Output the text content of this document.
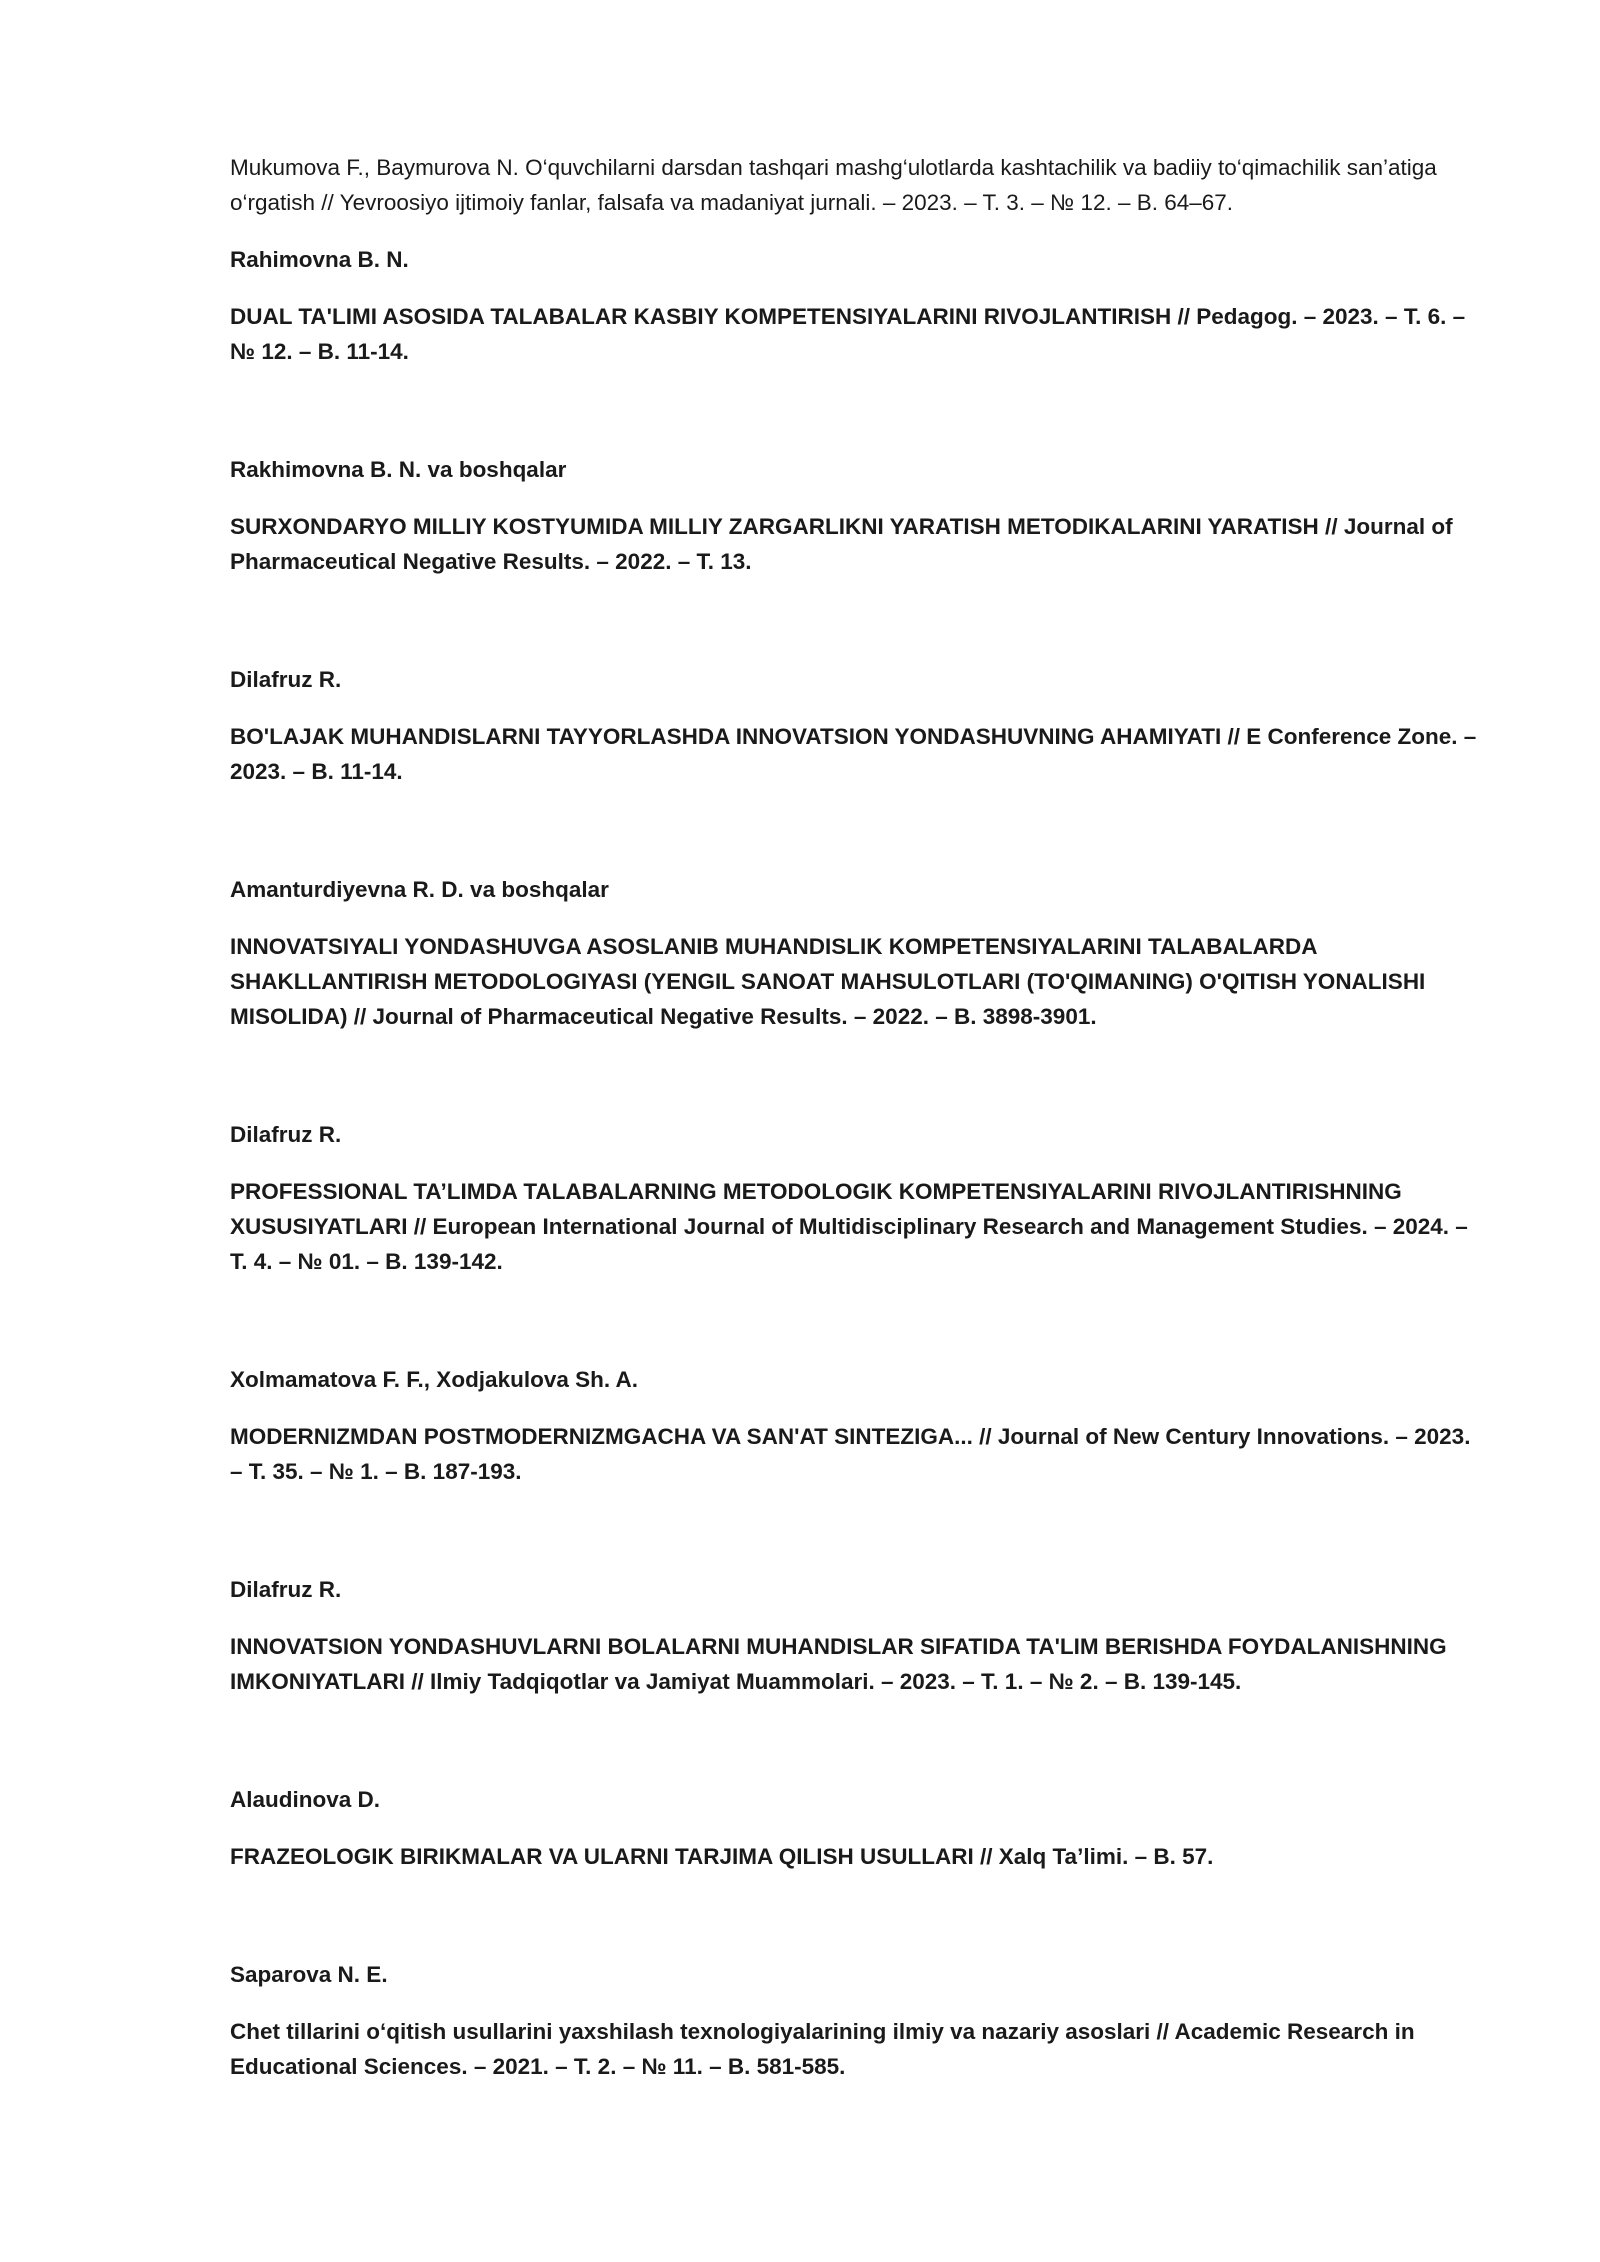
Mukumova F., Baymurova N. O‘quvchilarni darsdan tashqari mashg‘ulotlarda kashtachilik va badiiy to‘qimachilik san’atiga o‘rgatish // Yevroosiyo ijtimoiy fanlar, falsafa va madaniyat jurnali. – 2023. – T. 3. – № 12. – B. 64–67.

Rahimovna B. N.

DUAL TA'LIMI ASOSIDA TALABALAR KASBIY KOMPETENSIYALARINI RIVOJLANTIRISH // Pedagog. – 2023. – T. 6. – № 12. – B. 11-14.

Rakhimovna B. N. va boshqalar

SURXONDARYO MILLIY KOSTYUMIDA MILLIY ZARGARLIKNI YARATISH METODIKALARINI YARATISH // Journal of Pharmaceutical Negative Results. – 2022. – T. 13.

Dilafruz R.

BO'LAJAK MUHANDISLARNI TAYYORLASHDA INNOVATSION YONDASHUVNING AHAMIYATI // E Conference Zone. – 2023. – B. 11-14.

Amanturdiyevna R. D. va boshqalar

INNOVATSIYALI YONDASHUVGA ASOSLANIB MUHANDISLIK KOMPETENSIYALARINI TALABALARDA SHAKLLANTIRISH METODOLOGIYASI (YENGIL SANOAT MAHSULOTLARI (TO'QIMANING) O'QITISH YONALISHI MISOLIDA) // Journal of Pharmaceutical Negative Results. – 2022. – B. 3898-3901.

Dilafruz R.

PROFESSIONAL TA’LIMDA TALABALARNING METODOLOGIK KOMPETENSIYALARINI RIVOJLANTIRISHNING XUSUSIYATLARI // European International Journal of Multidisciplinary Research and Management Studies. – 2024. – T. 4. – № 01. – B. 139-142.

Xolmamatova F. F., Xodjakulova Sh. A.

MODERNIZMDAN POSTMODERNIZMGACHA VA SAN'AT SINTEZIGA... // Journal of New Century Innovations. – 2023. – T. 35. – № 1. – B. 187-193.

Dilafruz R.

INNOVATSION YONDASHUVLARNI BOLALARNI MUHANDISLAR SIFATIDA TA'LIM BERISHDA FOYDALANISHNING IMKONIYATLARI // Ilmiy Tadqiqotlar va Jamiyat Muammolari. – 2023. – T. 1. – № 2. – B. 139-145.

Alaudinova D.

FRAZEOLOGIK BIRIKMALAR VA ULARNI TARJIMA QILISH USULLARI // Xalq Ta’limi. – B. 57.

Saparova N. E.

Chet tillarini o‘qitish usullarini yaxshilash texnologiyalarining ilmiy va nazariy asoslari // Academic Research in Educational Sciences. – 2021. – T. 2. – № 11. – B. 581-585.
